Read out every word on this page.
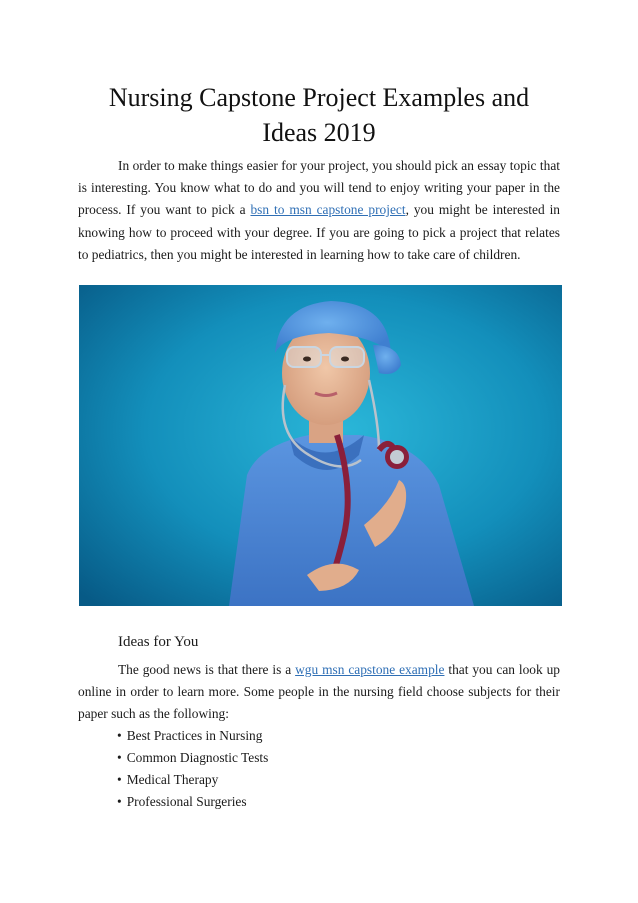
Nursing Capstone Project Examples and
Ideas 2019

In order to make things easier for your project, you should pick an essay topic that is interesting. You know what to do and you will tend to enjoy writing your paper in the process. If you want to pick a bsn to msn capstone project, you might be interested in knowing how to proceed with your degree. If you are going to pick a project that relates to pediatrics, then you might be interested in learning how to take care of children.

Ideas for You

The good news is that there is a wgu msn capstone example that you can look up online in order to learn more. Some people in the nursing field choose subjects for their paper such as the following:

• Best Practices in Nursing
• Common Diagnostic Tests
• Medical Therapy
• Professional Surgeries
